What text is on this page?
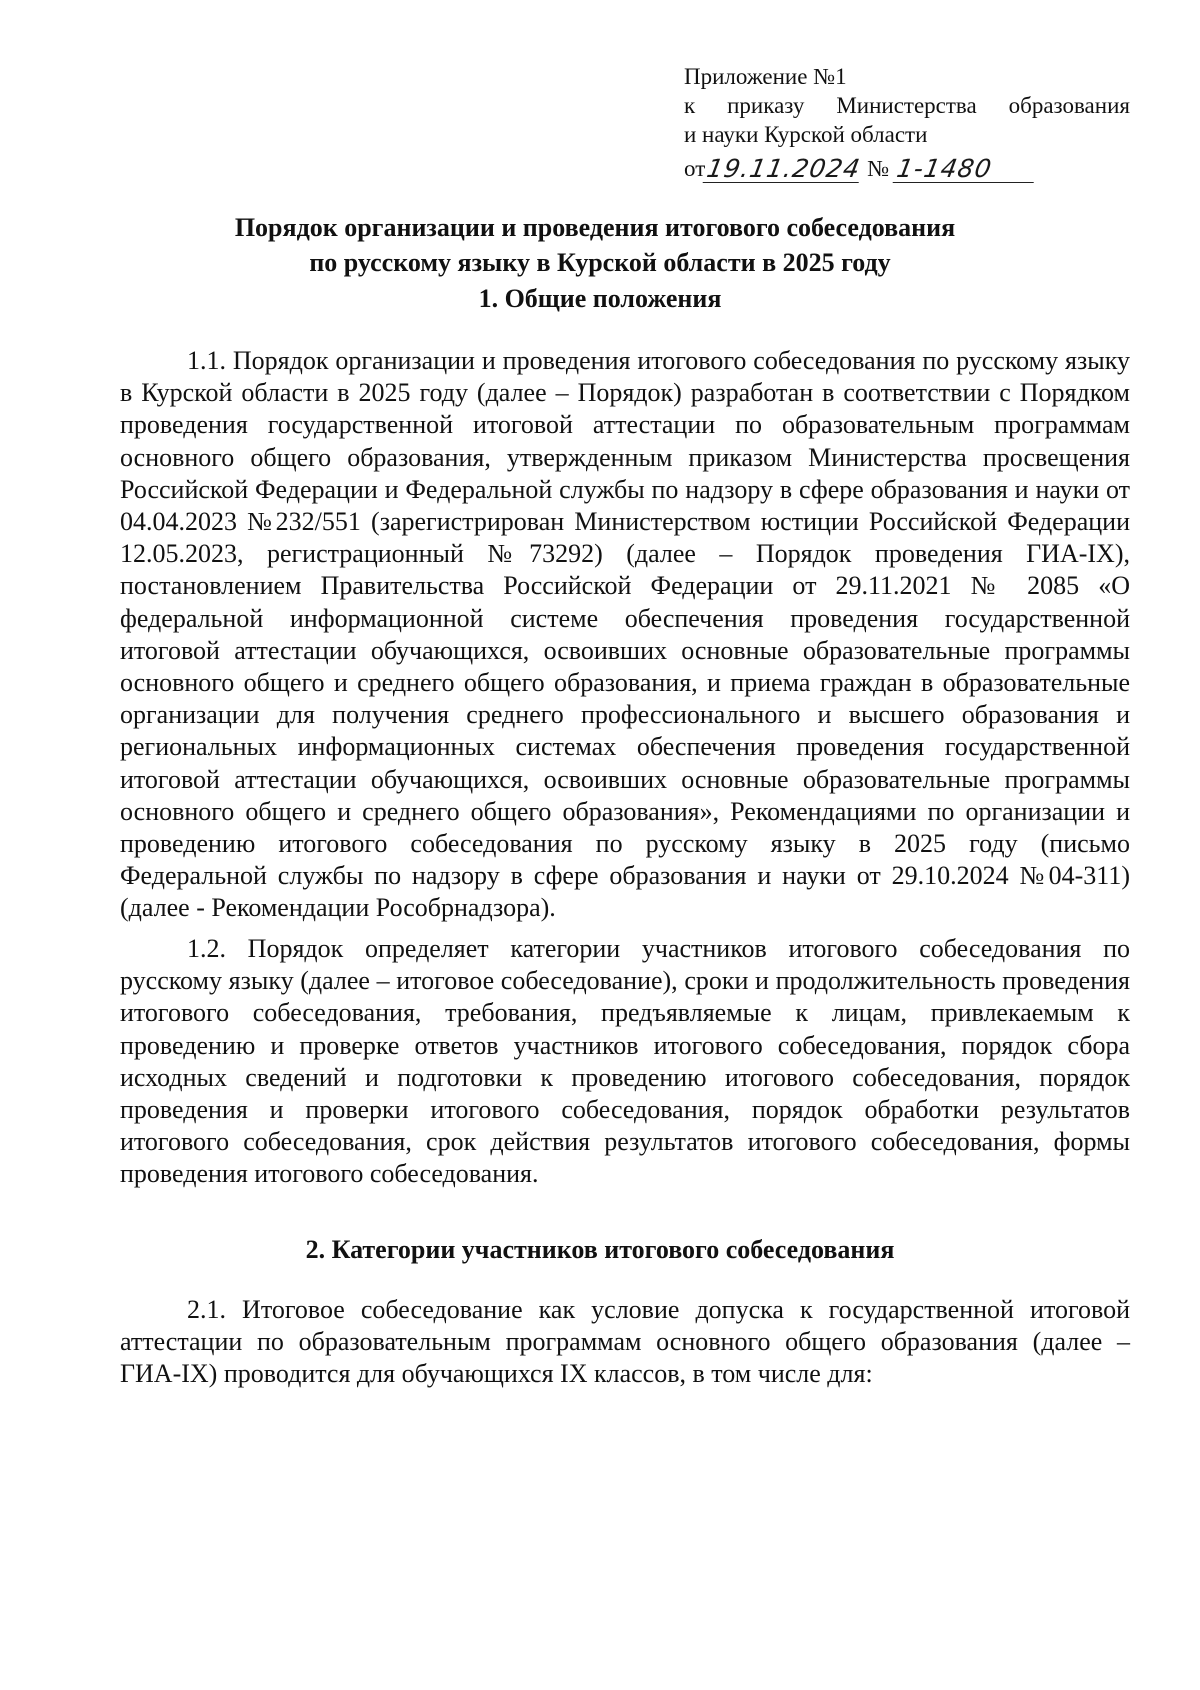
Приложение №1
к приказу Министерства образования
и науки Курской области
от 19.11.2024 № 1-1480
Порядок организации и проведения итогового собеседования
по русскому языку в Курской области в 2025 году
1. Общие положения

1.1. Порядок организации и проведения итогового собеседования по русскому языку в Курской области в 2025 году (далее – Порядок) разработан в соответствии с Порядком проведения государственной итоговой аттестации по образовательным программам основного общего образования, утвержденным приказом Министерства просвещения Российской Федерации и Федеральной службы по надзору в сфере образования и науки от 04.04.2023 №232/551 (зарегистрирован Министерством юстиции Российской Федерации 12.05.2023, регистрационный №73292) (далее – Порядок проведения ГИА-IX), постановлением Правительства Российской Федерации от 29.11.2021 № 2085 «О федеральной информационной системе обеспечения проведения государственной итоговой аттестации обучающихся, освоивших основные образовательные программы основного общего и среднего общего образования, и приема граждан в образовательные организации для получения среднего профессионального и высшего образования и региональных информационных системах обеспечения проведения государственной итоговой аттестации обучающихся, освоивших основные образовательные программы основного общего и среднего общего образования», Рекомендациями по организации и проведению итогового собеседования по русскому языку в 2025 году (письмо Федеральной службы по надзору в сфере образования и науки от 29.10.2024 №04-311) (далее - Рекомендации Рособрнадзора).

1.2. Порядок определяет категории участников итогового собеседования по русскому языку (далее – итоговое собеседование), сроки и продолжительность проведения итогового собеседования, требования, предъявляемые к лицам, привлекаемым к проведению и проверке ответов участников итогового собеседования, порядок сбора исходных сведений и подготовки к проведению итогового собеседования, порядок проведения и проверки итогового собеседования, порядок обработки результатов итогового собеседования, срок действия результатов итогового собеседования, формы проведения итогового собеседования.

2. Категории участников итогового собеседования

2.1. Итоговое собеседование как условие допуска к государственной итоговой аттестации по образовательным программам основного общего образования (далее – ГИА-IX) проводится для обучающихся IX классов, в том числе для:
